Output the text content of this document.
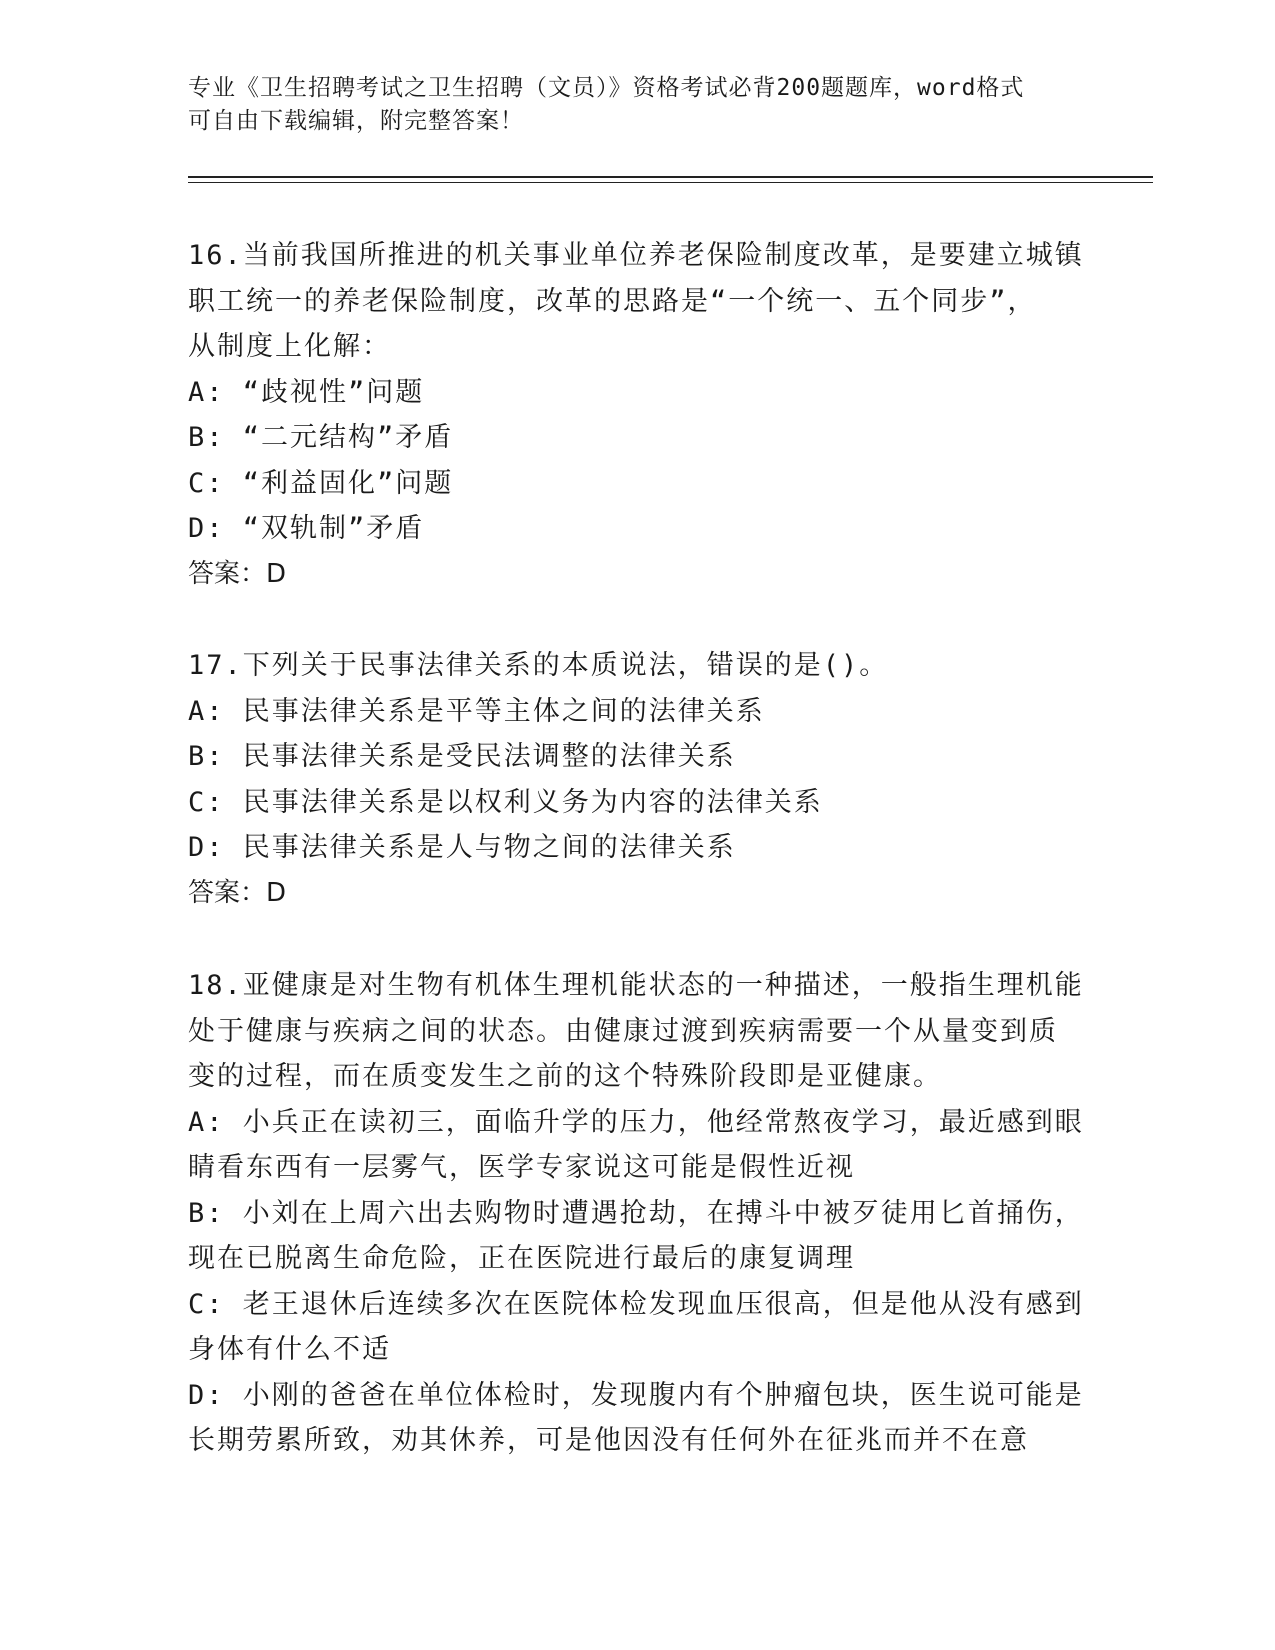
专业《卫生招聘考试之卫生招聘（文员）》资格考试必背200题题库，word格式

可自由下载编辑，附完整答案！

16.当前我国所推进的机关事业单位养老保险制度改革，是要建立城镇

职工统一的养老保险制度，改革的思路是“一个统一、五个同步”，

从制度上化解：

A: “歧视性”问题

B: “二元结构”矛盾

C: “利益固化”问题

D: “双轨制”矛盾

答案：D

17.下列关于民事法律关系的本质说法，错误的是()。

A: 民事法律关系是平等主体之间的法律关系

B: 民事法律关系是受民法调整的法律关系

C: 民事法律关系是以权利义务为内容的法律关系

D: 民事法律关系是人与物之间的法律关系

答案：D

18.亚健康是对生物有机体生理机能状态的一种描述，一般指生理机能

处于健康与疾病之间的状态。由健康过渡到疾病需要一个从量变到质

变的过程，而在质变发生之前的这个特殊阶段即是亚健康。

A: 小兵正在读初三，面临升学的压力，他经常熬夜学习，最近感到眼

睛看东西有一层雾气，医学专家说这可能是假性近视

B: 小刘在上周六出去购物时遭遇抢劫，在搏斗中被歹徒用匕首捅伤，

现在已脱离生命危险，正在医院进行最后的康复调理

C: 老王退休后连续多次在医院体检发现血压很高，但是他从没有感到

身体有什么不适

D: 小刚的爸爸在单位体检时，发现腹内有个肿瘤包块，医生说可能是

长期劳累所致，劝其休养，可是他因没有任何外在征兆而并不在意
